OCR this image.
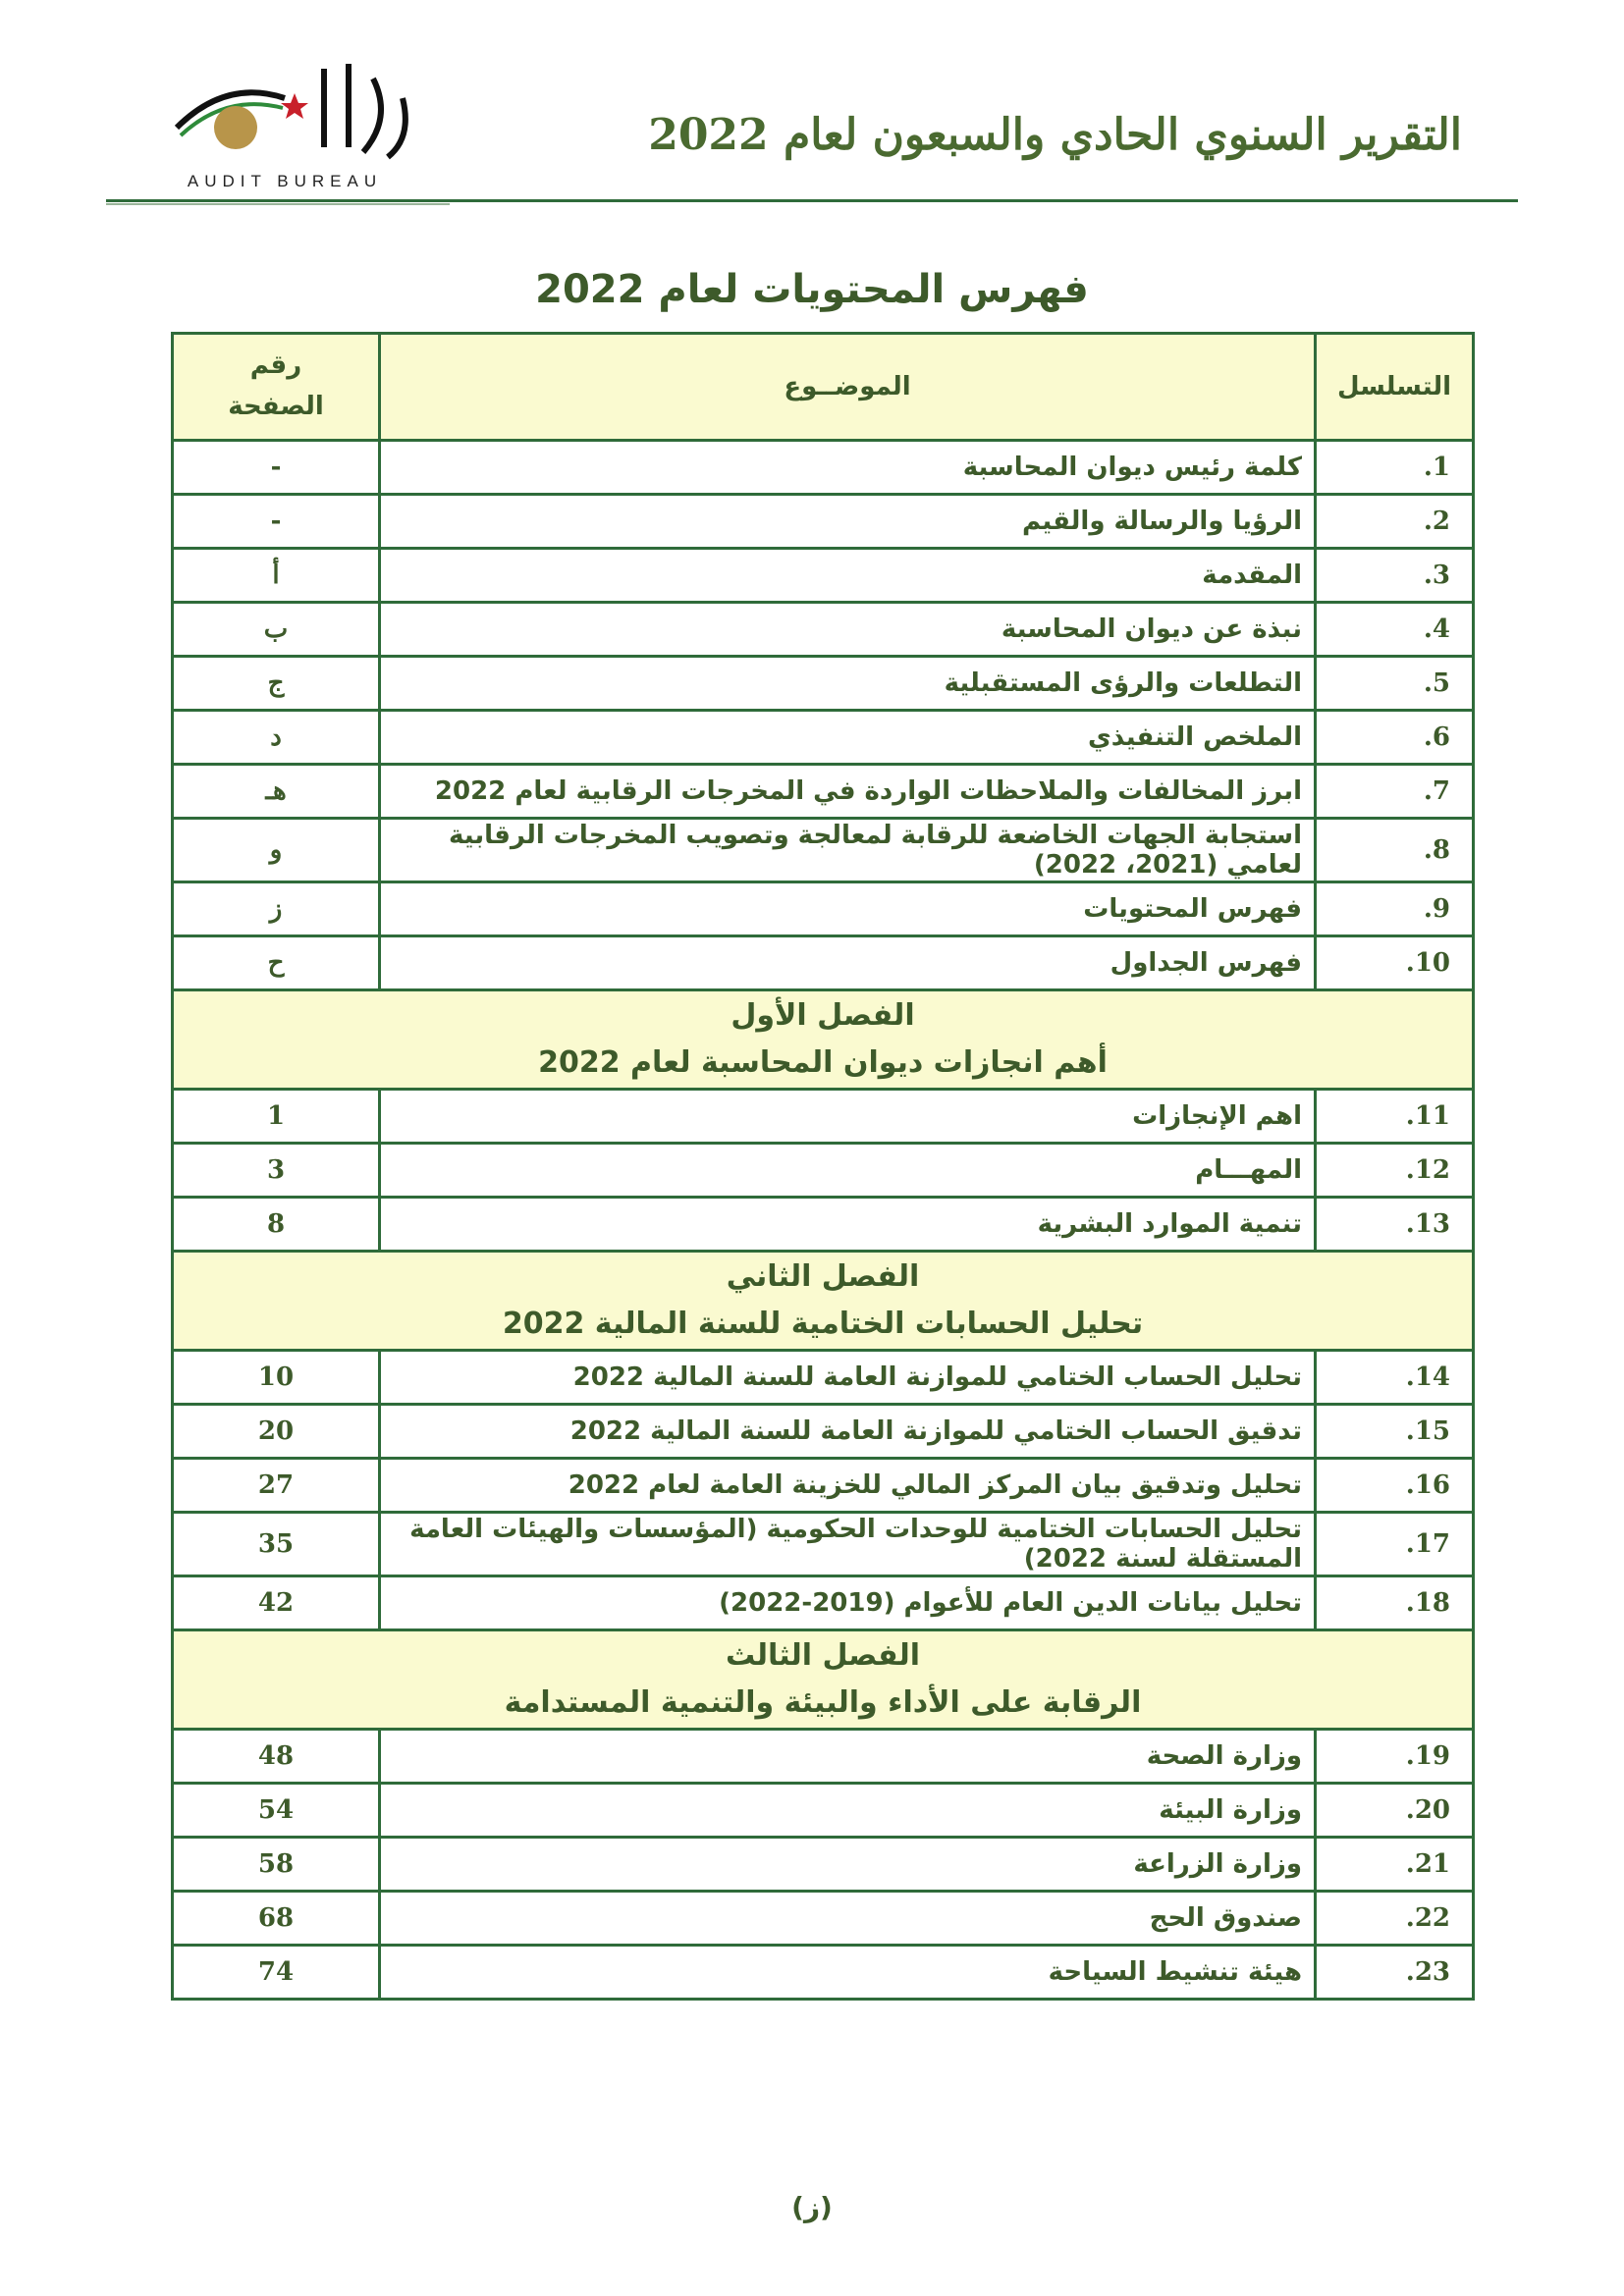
AUDIT BUREAU
التقرير السنوي الحادي والسبعون لعام 2022
فهرس المحتويات لعام 2022
التسلسل	الموضــوع	رقم الصفحة
1.	كلمة رئيس ديوان المحاسبة	-
2.	الرؤيا والرسالة والقيم	-
3.	المقدمة	أ
4.	نبذة عن ديوان المحاسبة	ب
5.	التطلعات والرؤى المستقبلية	ج
6.	الملخص التنفيذي	د
7.	ابرز المخالفات والملاحظات الواردة في المخرجات الرقابية لعام 2022	هـ
8.	استجابة الجهات الخاضعة للرقابة لمعالجة وتصويب المخرجات الرقابية لعامي (2021، 2022)	و
9.	فهرس المحتويات	ز
10.	فهرس الجداول	ح

الفصل الأول
أهم انجازات ديوان المحاسبة لعام 2022		

11.	اهم الإنجازات	1
12.	المهـــام	3
13.	تنمية الموارد البشرية	8

الفصل الثاني
تحليل الحسابات الختامية للسنة المالية 2022		

14.	تحليل الحساب الختامي للموازنة العامة للسنة المالية 2022	10
15.	تدقيق الحساب الختامي للموازنة العامة للسنة المالية 2022	20
16.	تحليل وتدقيق بيان المركز المالي للخزينة العامة لعام 2022	27
17.	تحليل الحسابات الختامية للوحدات الحكومية (المؤسسات والهيئات العامة المستقلة لسنة 2022)	35
18.	تحليل بيانات الدين العام للأعوام (2019-2022)	42

الفصل الثالث
الرقابة على الأداء والبيئة والتنمية المستدامة		

19.	وزارة الصحة	48
20.	وزارة البيئة	54
21.	وزارة الزراعة	58
22.	صندوق الحج	68
23.	هيئة تنشيط السياحة	74
(ز)
